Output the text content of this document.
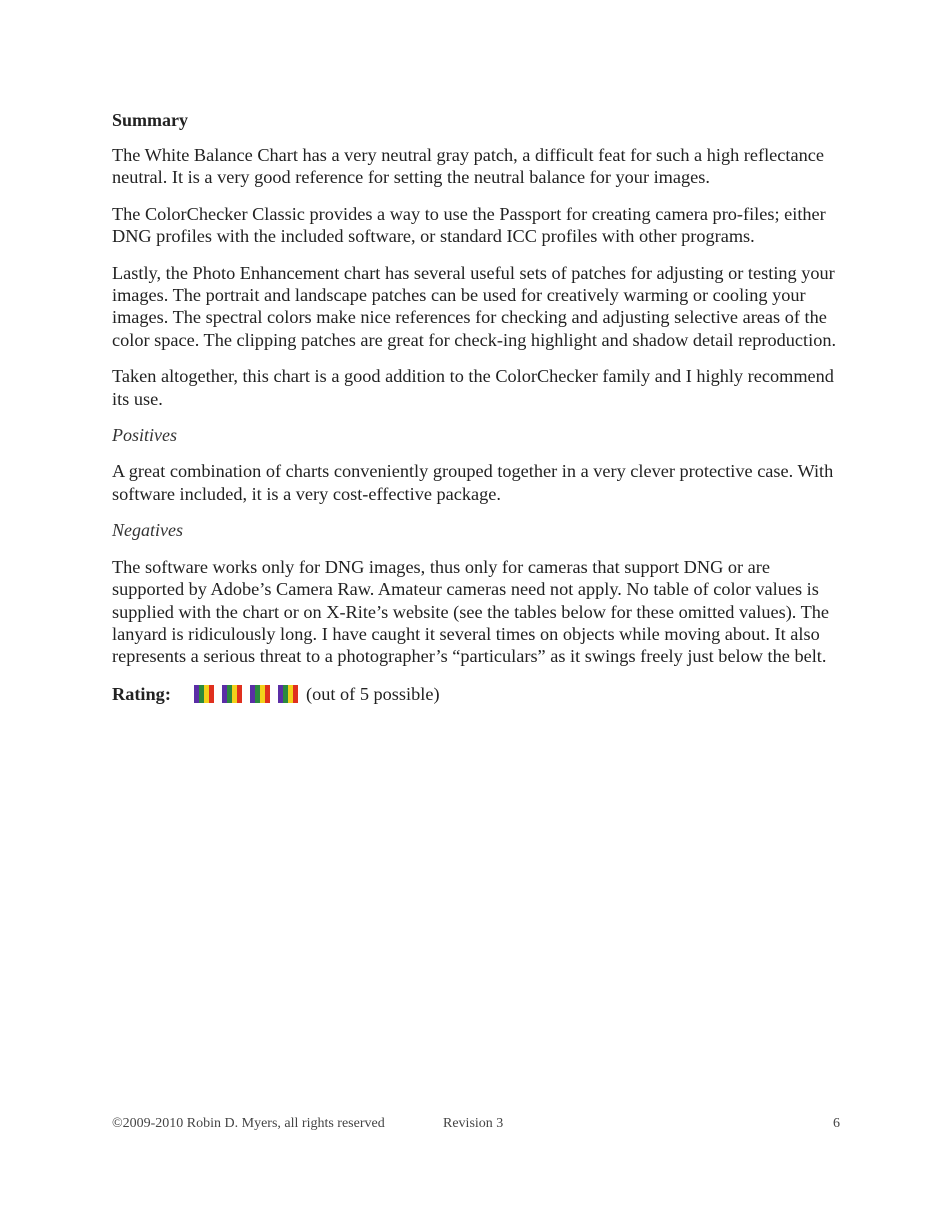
Summary

The White Balance Chart has a very neutral gray patch, a difficult feat for such a high reflectance neutral. It is a very good reference for setting the neutral balance for your images.

The ColorChecker Classic provides a way to use the Passport for creating camera pro-files; either DNG profiles with the included software, or standard ICC profiles with other programs.

Lastly, the Photo Enhancement chart has several useful sets of patches for adjusting or testing your images. The portrait and landscape patches can be used for creatively warming or cooling your images. The spectral colors make nice references for checking and adjusting selective areas of the color space. The clipping patches are great for check-ing highlight and shadow detail reproduction.

Taken altogether, this chart is a good addition to the ColorChecker family and I highly recommend its use.

Positives

A great combination of charts conveniently grouped together in a very clever protective case. With software included, it is a very cost-effective package.

Negatives

The software works only for DNG images, thus only for cameras that support DNG or are supported by Adobe’s Camera Raw. Amateur cameras need not apply. No table of color values is supplied with the chart or on X-Rite’s website (see the tables below for these omitted values). The lanyard is ridiculously long. I have caught it several times on objects while moving about. It also represents a serious threat to a photographer’s “particulars” as it swings freely just below the belt.

Rating:	(out of 5 possible)
©2009-2010 Robin D. Myers, all rights reserved	Revision 3	6
